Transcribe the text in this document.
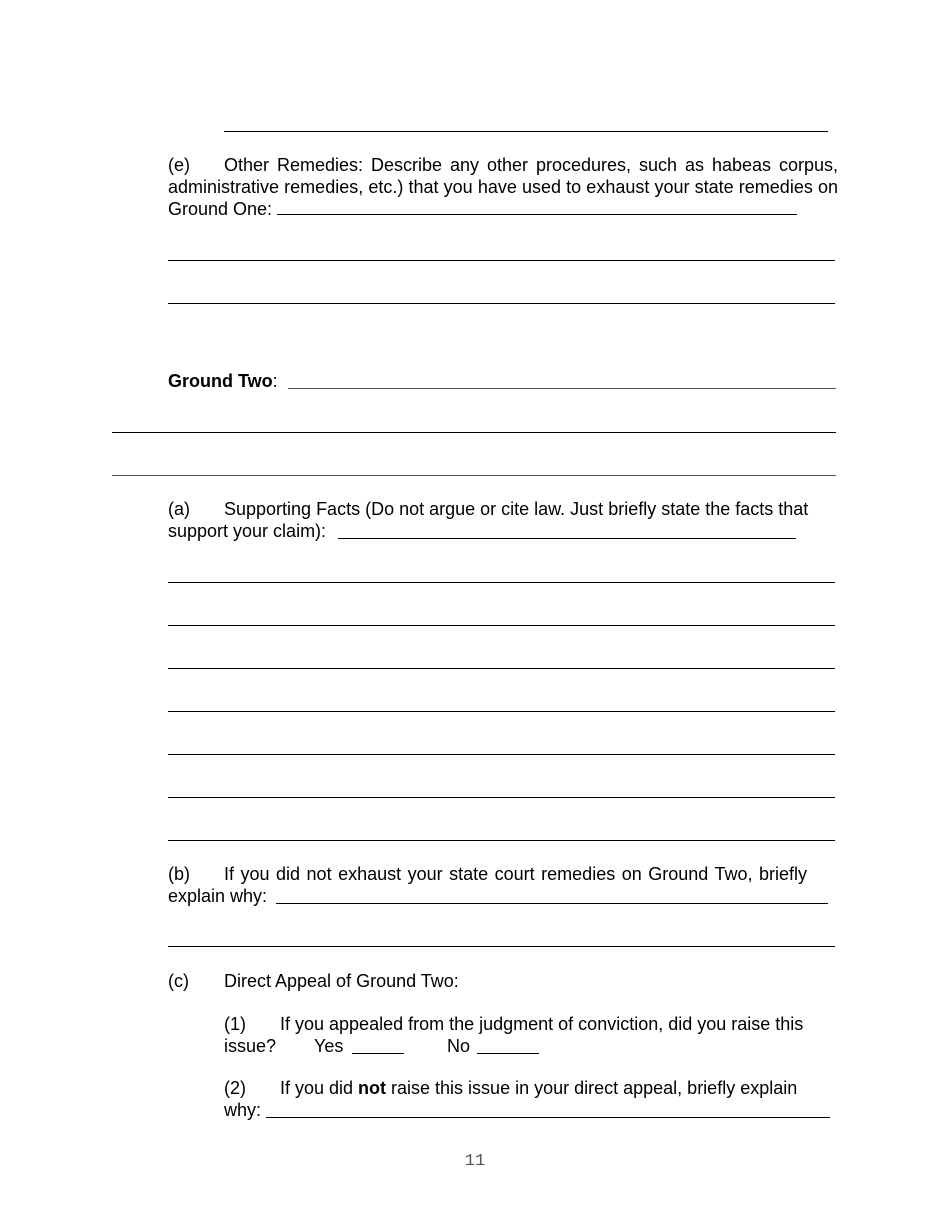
(e) Other Remedies: Describe any other procedures, such as habeas corpus, administrative remedies, etc.) that you have used to exhaust your state remedies on Ground One:
Ground Two:
(a) Supporting Facts (Do not argue or cite law. Just briefly state the facts that
support your claim):
(b) If you did not exhaust your state court remedies on Ground Two, briefly
explain why:
(c) Direct Appeal of Ground Two:
(1) If you appealed from the judgment of conviction, did you raise this
issue? Yes	No
(2) If you did not raise this issue in your direct appeal, briefly explain
why:
11
